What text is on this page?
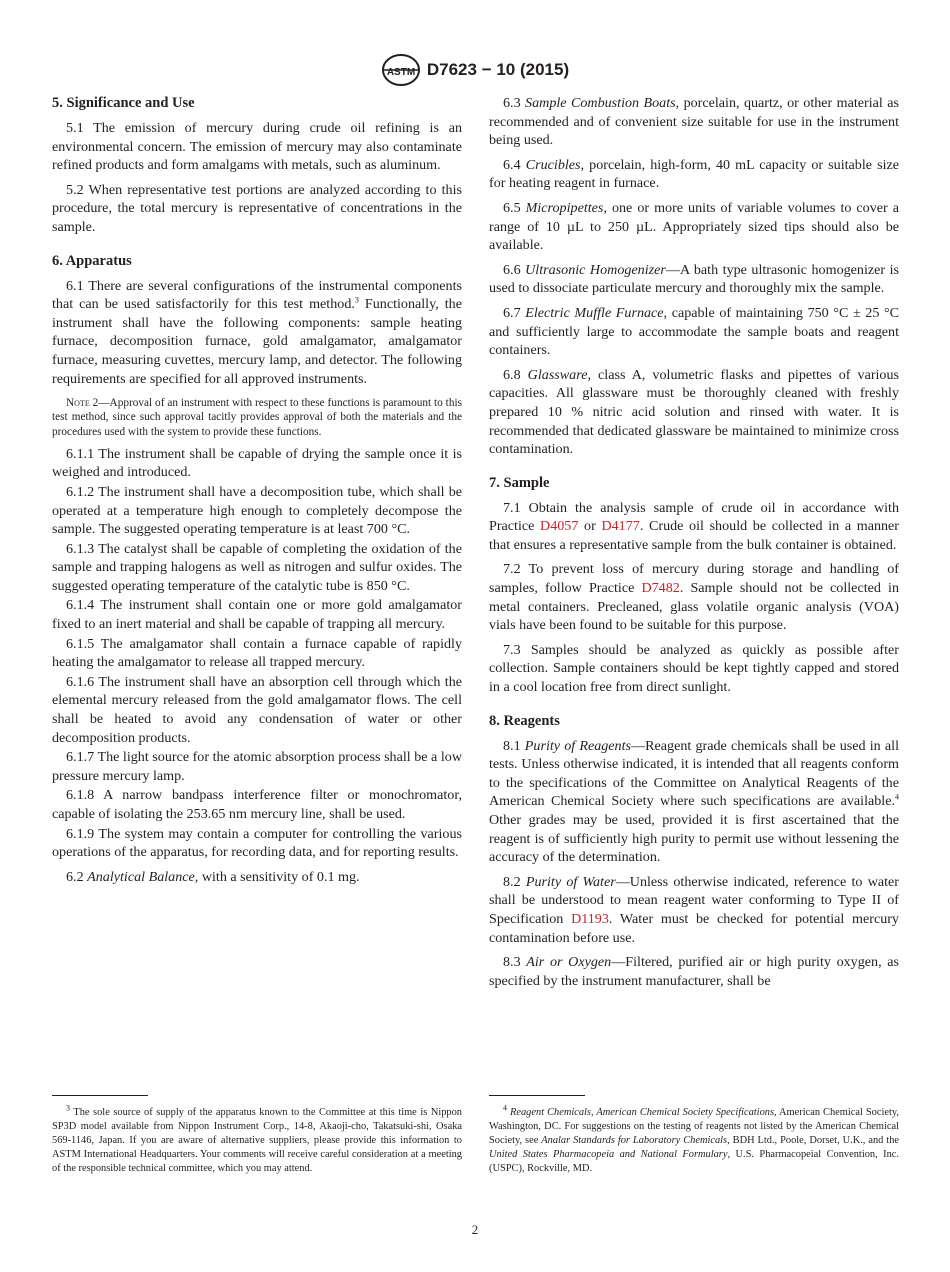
ASTM D7623 − 10 (2015)
5. Significance and Use

5.1 The emission of mercury during crude oil refining is an environmental concern. The emission of mercury may also contaminate refined products and form amalgams with metals, such as aluminum.

5.2 When representative test portions are analyzed according to this procedure, the total mercury is representative of concentrations in the sample.

6. Apparatus

6.1 There are several configurations of the instrumental components that can be used satisfactorily for this test method.$^3$ Functionally, the instrument shall have the following components: sample heating furnace, decomposition furnace, gold amalgamator, amalgamator furnace, measuring cuvettes, mercury lamp, and detector. The following requirements are specified for all approved instruments.

Note 2—Approval of an instrument with respect to these functions is paramount to this test method, since such approval tacitly provides approval of both the materials and the procedures used with the system to provide these functions.

6.1.1 The instrument shall be capable of drying the sample once it is weighed and introduced.

6.1.2 The instrument shall have a decomposition tube, which shall be operated at a temperature high enough to completely decompose the sample. The suggested operating temperature is at least 700 °C.

6.1.3 The catalyst shall be capable of completing the oxidation of the sample and trapping halogens as well as nitrogen and sulfur oxides. The suggested operating temperature of the catalytic tube is 850 °C.

6.1.4 The instrument shall contain one or more gold amalgamator fixed to an inert material and shall be capable of trapping all mercury.

6.1.5 The amalgamator shall contain a furnace capable of rapidly heating the amalgamator to release all trapped mercury.

6.1.6 The instrument shall have an absorption cell through which the elemental mercury released from the gold amalgamator flows. The cell shall be heated to avoid any condensation of water or other decomposition products.

6.1.7 The light source for the atomic absorption process shall be a low pressure mercury lamp.

6.1.8 A narrow bandpass interference filter or monochromator, capable of isolating the 253.65 nm mercury line, shall be used.

6.1.9 The system may contain a computer for controlling the various operations of the apparatus, for recording data, and for reporting results.

6.2 Analytical Balance, with a sensitivity of 0.1 mg.

6.3 Sample Combustion Boats, porcelain, quartz, or other material as recommended and of convenient size suitable for use in the instrument being used.

6.4 Crucibles, porcelain, high-form, 40 mL capacity or suitable size for heating reagent in furnace.

6.5 Micropipettes, one or more units of variable volumes to cover a range of 10 µL to 250 µL. Appropriately sized tips should also be available.

6.6 Ultrasonic Homogenizer—A bath type ultrasonic homogenizer is used to dissociate particulate mercury and thoroughly mix the sample.

6.7 Electric Muffle Furnace, capable of maintaining 750 °C ± 25 °C and sufficiently large to accommodate the sample boats and reagent containers.

6.8 Glassware, class A, volumetric flasks and pipettes of various capacities. All glassware must be thoroughly cleaned with freshly prepared 10 % nitric acid solution and rinsed with water. It is recommended that dedicated glassware be maintained to minimize cross contamination.

7. Sample

7.1 Obtain the analysis sample of crude oil in accordance with Practice D4057 or D4177. Crude oil should be collected in a manner that ensures a representative sample from the bulk container is obtained.

7.2 To prevent loss of mercury during storage and handling of samples, follow Practice D7482. Sample should not be collected in metal containers. Precleaned, glass volatile organic analysis (VOA) vials have been found to be suitable for this purpose.

7.3 Samples should be analyzed as quickly as possible after collection. Sample containers should be kept tightly capped and stored in a cool location free from direct sunlight.

8. Reagents

8.1 Purity of Reagents—Reagent grade chemicals shall be used in all tests. Unless otherwise indicated, it is intended that all reagents conform to the specifications of the Committee on Analytical Reagents of the American Chemical Society where such specifications are available.$^4$ Other grades may be used, provided it is first ascertained that the reagent is of sufficiently high purity to permit use without lessening the accuracy of the determination.

8.2 Purity of Water—Unless otherwise indicated, reference to water shall be understood to mean reagent water conforming to Type II of Specification D1193. Water must be checked for potential mercury contamination before use.

8.3 Air or Oxygen—Filtered, purified air or high purity oxygen, as specified by the instrument manufacturer, shall be

$^3$ The sole source of supply of the apparatus known to the Committee at this time is Nippon SP3D model available from Nippon Instrument Corp., 14-8, Akaoji-cho, Takatsuki-shi, Osaka 569-1146, Japan. If you are aware of alternative suppliers, please provide this information to ASTM International Headquarters. Your comments will receive careful consideration at a meeting of the responsible technical committee, which you may attend.
$^4$ Reagent Chemicals, American Chemical Society Specifications, American Chemical Society, Washington, DC. For suggestions on the testing of reagents not listed by the American Chemical Society, see Analar Standards for Laboratory Chemicals, BDH Ltd., Poole, Dorset, U.K., and the United States Pharmacopeia and National Formulary, U.S. Pharmacopeial Convention, Inc. (USPC), Rockville, MD.
2
